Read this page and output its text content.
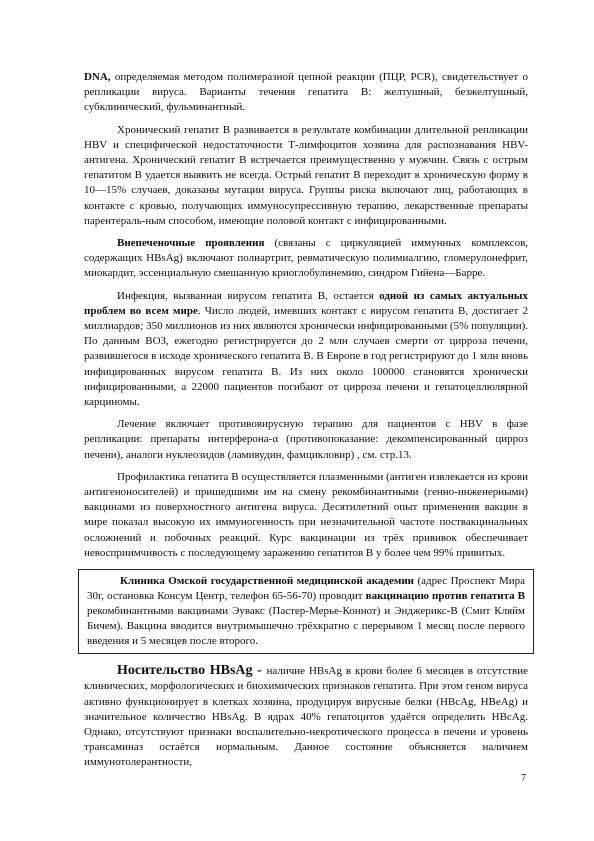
DNA, определяемая методом полимеразной цепной реакции (ПЦР, PCR), свидетельствует о репликации вируса. Варианты течения гепатита В: желтушный, безжелтушный, субклинический, фульминантный.

Хронический гепатит В развивается в результате комбинации длительной репликации HBV и специфической недостаточности Т-лимфоцитов хозяина для распознавания HBV-антигена. Хронический гепатит В встречается преимущественно у мужчин. Связь с острым гепатитом В удается выявить не всегда. Острый гепатит В переходит в хроническую форму в 10—15% случаев, доказаны мутации вируса. Группы риска включают лиц, работающих в контакте с кровью, получающих иммуносупрессивную терапию, лекарственные препараты парентераль-ным способом, имеющие половой контакт с инфицированными.

Внепеченочные проявления (связаны с циркуляцией иммунных комплексов, содержащих HBsAg) включают полиартрит, ревматическую полимиалгию, гломерулонефрит, миокардит, эссенциальную смешанную криоглобулинемию, синдром Гийена—Барре.

Инфекция, вызванная вирусом гепатита В, остается одной из самых актуальных проблем во всем мире. Число людей, имевших контакт с вирусом гепатита В, достигает 2 миллиардов; 350 миллионов из них являются хронически инфицированными (5% популяции). По данным ВОЗ, ежегодно регистрируется до 2 млн случаев смерти от цирроза печени, развившегося в исходе хронического гепатита В. В Европе в год регистрируют до 1 млн вновь инфицированных вирусом гепатита В. Из них около 100000 становятся хронически инфицированными, а 22000 пациентов погибают от цирроза печени и гепатоцеллюлярной карциномы.

Лечение включает противовирусную терапию для пациентов с HBV в фазе репликации: препараты интерферона-α (противопоказание: декомпенсированный цирроз печени), аналоги нуклеозидов (ламивудин, фамцикловир) , см. стр.13.

Профилактика гепатита В осуществляется плазменными (антиген извлекается из крови антигеноносителей) и пришедшими им на смену рекомбинантными (генно-инженерными) вакцинами из поверхностного антигена вируса. Десятилетний опыт применения вакцин в мире показал высокую их иммуногенность при незначительной частоте поствакцинальных осложнений и побочных реакций. Курс вакцинации из трёх прививок обеспечивает невосприимчивость с последующему заражению гепатитов В у более чем 99% привитых.

Клиника Омской государственной медицинской академии (адрес Проспект Мира 30г, остановка Консум Центр, телефон 65-56-70) проводит вакцинацию против гепатита В рекомбинантными вакцинами Эувакс (Пастер-Мерье-Коннот) и Энджерикс-В (Смит Кляйм Бичем). Вакцина вводится внутримышечно трёхкратно с перерывом 1 месяц после первого введения и 5 месяцев после второго.

Носительство HBsAg - наличие HBsAg в крови более 6 месяцев в отсутствие клинических, морфологических и биохимических признаков гепатита. При этом геном вируса активно функционирует в клетках хозяина, продуцируя вирусные белки (HBcAg, HBeAg) и значительное количество HBsAg. В ядрах 40% гепатоцитов удаётся определить HBcAg. Однако, отсутствуют признаки воспалительно-некротического процесса в печени и уровень трансаминаз остаётся нормальным. Данное состояние объясняется наличием иммунотолерантности,

7
